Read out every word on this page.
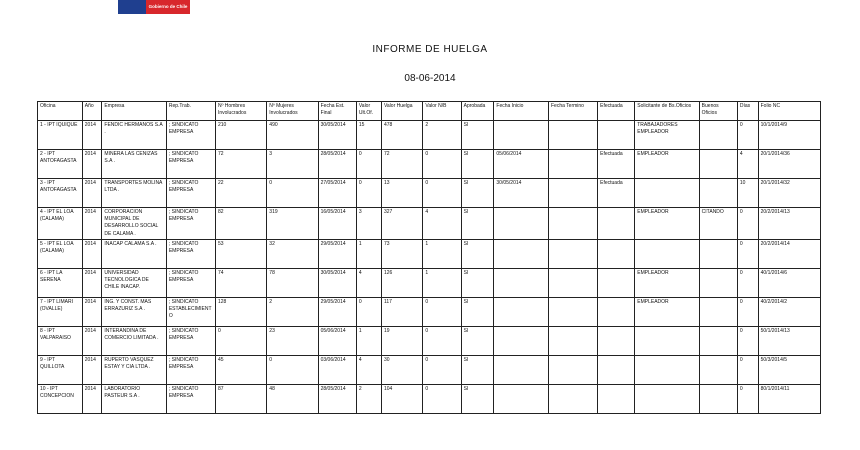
Gobierno de Chile
INFORME DE HUELGA
08-06-2014
Oficina	Año	Empresa	Rep.Trab.	Nº Hombres Involucrados	Nº Mujeres Involucrados	Fecha Est. Final	Valor Ult.Of.	Valor Huelga	Valor N/B	Aprobada	Fecha Inicio	Fecha Termino	Efectuada	Solicitante de Bs.Oficios	Buenos Oficios	Días	Folio NC
1 - IPT IQUIQUE	2014	FENDIC HERMANOS S.A .	; SINDICATO EMPRESA	210	490	30/05/2014	15	478	2	SI				TRABAJADORES EMPLEADOR		0	10/1/2014/9
2 - IPT ANTOFAGASTA	2014	MINERA LAS CENIZAS S.A .	; SINDICATO EMPRESA	72	3	28/05/2014	0	72	0	SI	05/06/2014		Efectuada	EMPLEADOR		4	20/1/2014/36
3 - IPT ANTOFAGASTA	2014	TRANSPORTES MOLINA LTDA .	; SINDICATO EMPRESA	22	0	27/05/2014	0	13	0	SI	30/05/2014		Efectuada			10	20/1/2014/32
4 - IPT EL LOA (CALAMA)	2014	CORPORACION MUNICIPAL DE DESARROLLO SOCIAL DE CALAMA .	; SINDICATO EMPRESA	82	319	16/05/2014	3	327	4	SI				EMPLEADOR	CITANDO	0	20/2/2014/13
5 - IPT EL LOA (CALAMA)	2014	INACAP CALAMA S.A .	; SINDICATO EMPRESA	53	32	29/05/2014	1	73	1	SI						0	20/2/2014/14
6 - IPT LA SERENA	2014	UNIVERSIDAD TECNOLOGICA DE CHILE INACAP.	; SINDICATO EMPRESA	74	78	30/05/2014	4	126	1	SI				EMPLEADOR		0	40/1/2014/6
7 - IPT LIMARI (OVALLE)	2014	ING. Y CONST. MAS ERRAZURIZ S.A .	; SINDICATO ESTABLECIMIENTO	128	2	29/05/2014	0	117	0	SI				EMPLEADOR		0	40/2/2014/2
8 - IPT VALPARAISO	2014	INTERANDINA DE COMERCIO LIMITADA .	; SINDICATO EMPRESA	0	23	05/06/2014	1	19	0	SI						0	50/1/2014/13
9 - IPT QUILLOTA	2014	RUPERTO VASQUEZ ESTAY Y CIA LTDA .	; SINDICATO EMPRESA	45	0	03/06/2014	4	30	0	SI						0	50/3/2014/5
10 - IPT CONCEPCION	2014	LABORATORIO PASTEUR S.A .	; SINDICATO EMPRESA	87	48	28/05/2014	2	104	0	SI						0	80/1/2014/11
